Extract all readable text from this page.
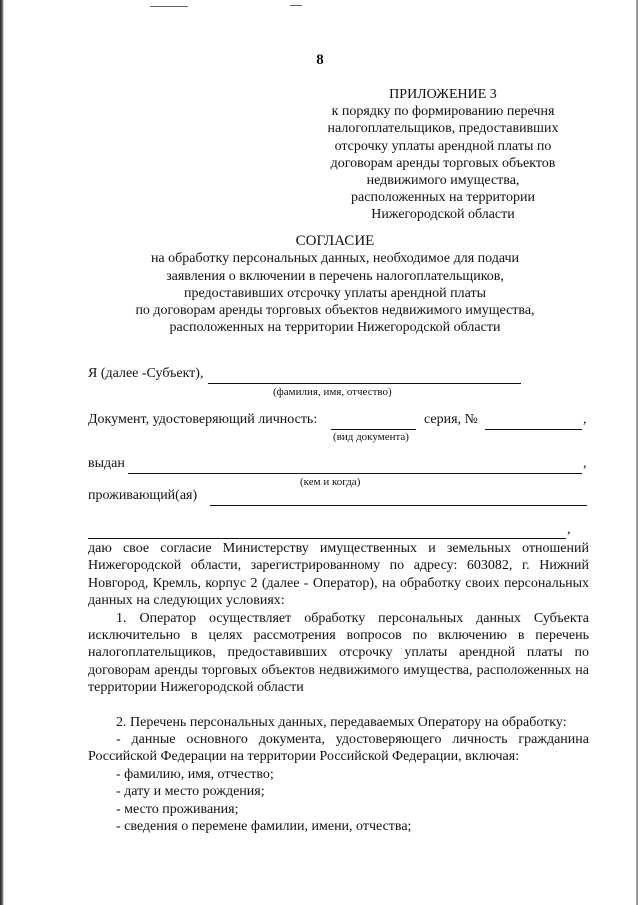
8

ПРИЛОЖЕНИЕ 3
к порядку по формированию перечня
налогоплательщиков, предоставивших
отсрочку уплаты арендной платы по
договорам аренды торговых объектов
недвижимого имущества,
расположенных на территории
Нижегородской области
СОГЛАСИЕ
на обработку персональных данных, необходимое для подачи
заявления о включении в перечень налогоплательщиков,
предоставивших отсрочку уплаты арендной платы
по договорам аренды торговых объектов недвижимого имущества,
расположенных на территории Нижегородской области
Я (далее -Субъект),
(фамилия, имя, отчество)
Документ, удостоверяющий личность:	серия, №	,
(вид документа)
выдан	,
(кем и когда)
проживающий(ая)
,

даю свое согласие Министерству имущественных и земельных отношений Нижегородской области, зарегистрированному по адресу: 603082, г. Нижний Новгород, Кремль, корпус 2 (далее - Оператор), на обработку своих персональных данных на следующих условиях:

1. Оператор осуществляет обработку персональных данных Субъекта исключительно в целях рассмотрения вопросов по включению в перечень налогоплательщиков, предоставивших отсрочку уплаты арендной платы по договорам аренды торговых объектов недвижимого имущества, расположенных на территории Нижегородской области

2. Перечень персональных данных, передаваемых Оператору на обработку:

- данные основного документа, удостоверяющего личность гражданина Российской Федерации на территории Российской Федерации, включая:

- фамилию, имя, отчество;

- дату и место рождения;

- место проживания;

- сведения о перемене фамилии, имени, отчества;
